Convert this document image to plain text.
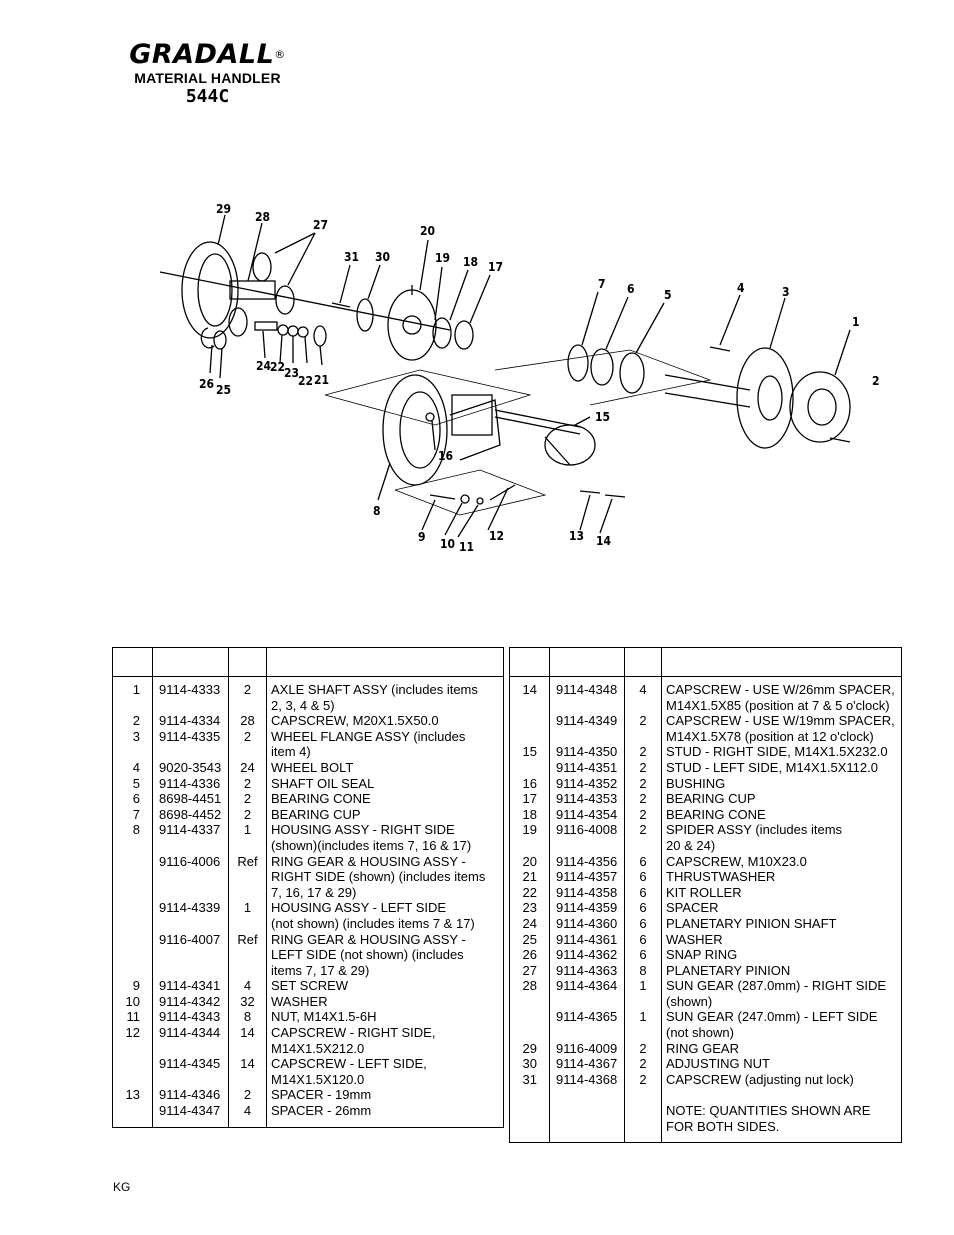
GRADALL®
MATERIAL HANDLER
544C
1
2
3
4
5
6
7
8
9 10 11
12	13 14
15
16
17
18
19
20
21
22
22
23
24
25
26
27
28
29
30
31

1	9114-4333	2	AXLE SHAFT ASSY (includes items
2, 3, 4 & 5)

2	9114-4334	28	CAPSCREW, M20X1.5X50.0

3	9114-4335	2	WHEEL FLANGE ASSY (includes
item 4)

4	9020-3543	24	WHEEL BOLT

5	9114-4336	2	SHAFT OIL SEAL

6	8698-4451	2	BEARING CONE

7	8698-4452	2	BEARING CUP

8	9114-4337	1	HOUSING ASSY - RIGHT SIDE
(shown)(includes items 7, 16 & 17)

	9116-4006	Ref	RING GEAR & HOUSING ASSY -
RIGHT SIDE (shown) (includes items
7, 16, 17 & 29)

	9114-4339	1	HOUSING ASSY - LEFT SIDE
(not shown) (includes items 7 & 17)

	9116-4007	Ref	RING GEAR & HOUSING ASSY -
LEFT SIDE (not shown) (includes
items 7, 17 & 29)

9	9114-4341	4	SET SCREW

10	9114-4342	32	WASHER

11	9114-4343	8	NUT, M14X1.5-6H

12	9114-4344	14	CAPSCREW - RIGHT SIDE,
M14X1.5X212.0

	9114-4345	14	CAPSCREW - LEFT SIDE,
M14X1.5X120.0

13	9114-4346	2	SPACER - 19mm

	9114-4347	4	SPACER - 26mm

14	9114-4348	4	CAPSCREW - USE W/26mm SPACER,
M14X1.5X85 (position at 7 & 5 o'clock)

	9114-4349	2	CAPSCREW - USE W/19mm SPACER,
M14X1.5X78 (position at 12 o'clock)

15	9114-4350	2	STUD - RIGHT SIDE, M14X1.5X232.0

	9114-4351	2	STUD - LEFT SIDE, M14X1.5X112.0

16	9114-4352	2	BUSHING

17	9114-4353	2	BEARING CUP

18	9114-4354	2	BEARING CONE

19	9116-4008	2	SPIDER ASSY (includes items
20 & 24)

20	9114-4356	6	CAPSCREW, M10X23.0

21	9114-4357	6	THRUSTWASHER

22	9114-4358	6	KIT ROLLER

23	9114-4359	6	SPACER

24	9114-4360	6	PLANETARY PINION SHAFT

25	9114-4361	6	WASHER

26	9114-4362	6	SNAP RING

27	9114-4363	8	PLANETARY PINION

28	9114-4364	1	SUN GEAR (287.0mm) - RIGHT SIDE
(shown)

	9114-4365	1	SUN GEAR (247.0mm) - LEFT SIDE
(not shown)

29	9116-4009	2	RING GEAR

30	9114-4367	2	ADJUSTING NUT

31	9114-4368	2	CAPSCREW (adjusting nut lock)

			NOTE: QUANTITIES SHOWN ARE
FOR BOTH SIDES.
KG
